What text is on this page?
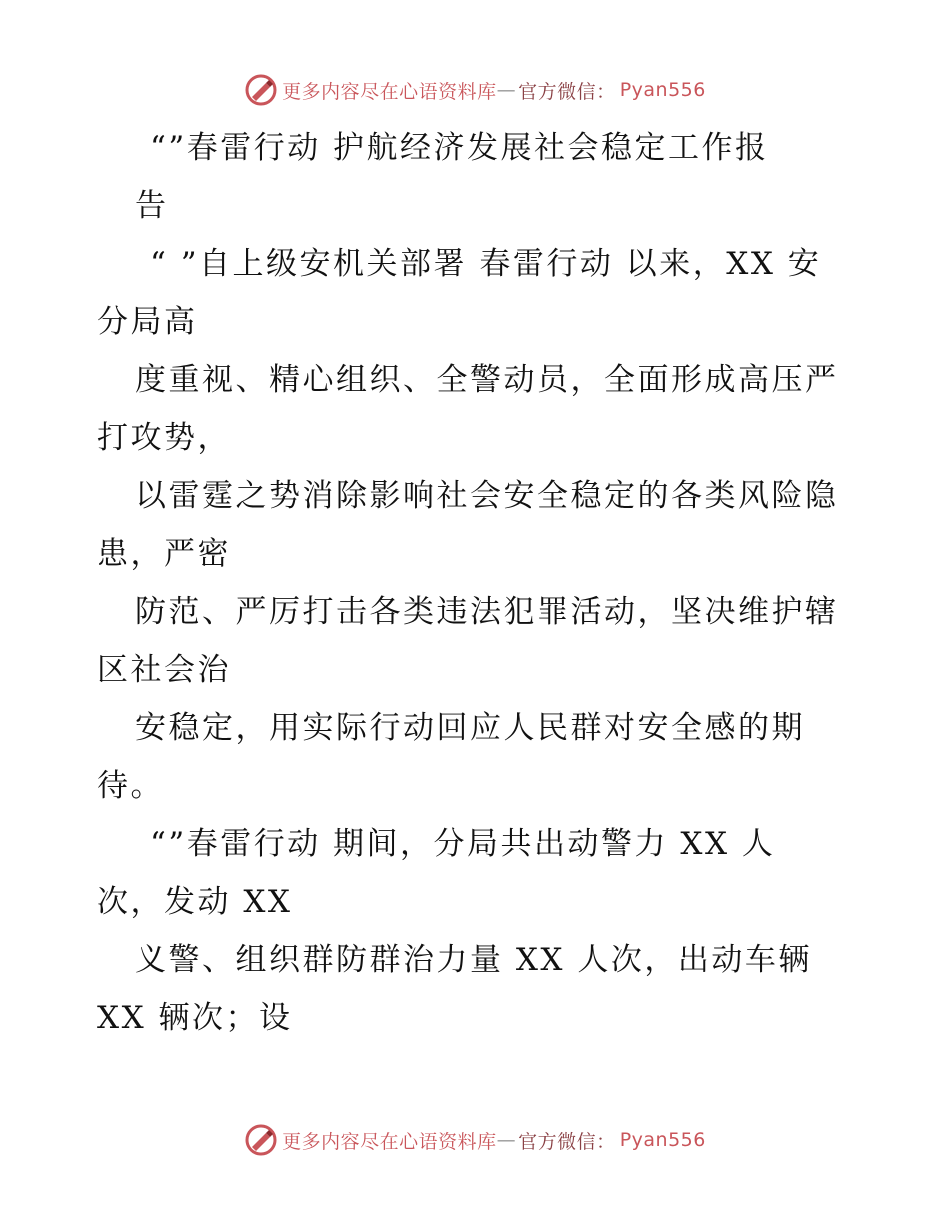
更多内容尽在心语资料库 — 官方微信： Pyan556
“”春雷行动 护航经济发展社会稳定工作报
告
“ ”自上级安机关部署 春雷行动 以来，XX 安
分局高
度重视、精心组织、全警动员，全面形成高压严
打攻势，
以雷霆之势消除影响社会安全稳定的各类风险隐
患，严密
防范、严厉打击各类违法犯罪活动，坚决维护辖
区社会治
安稳定，用实际行动回应人民群对安全感的期
待。
“”春雷行动 期间，分局共出动警力 XX 人
次，发动 XX
义警、组织群防群治力量 XX 人次，出动车辆
XX 辆次；设
更多内容尽在心语资料库 — 官方微信： Pyan556
